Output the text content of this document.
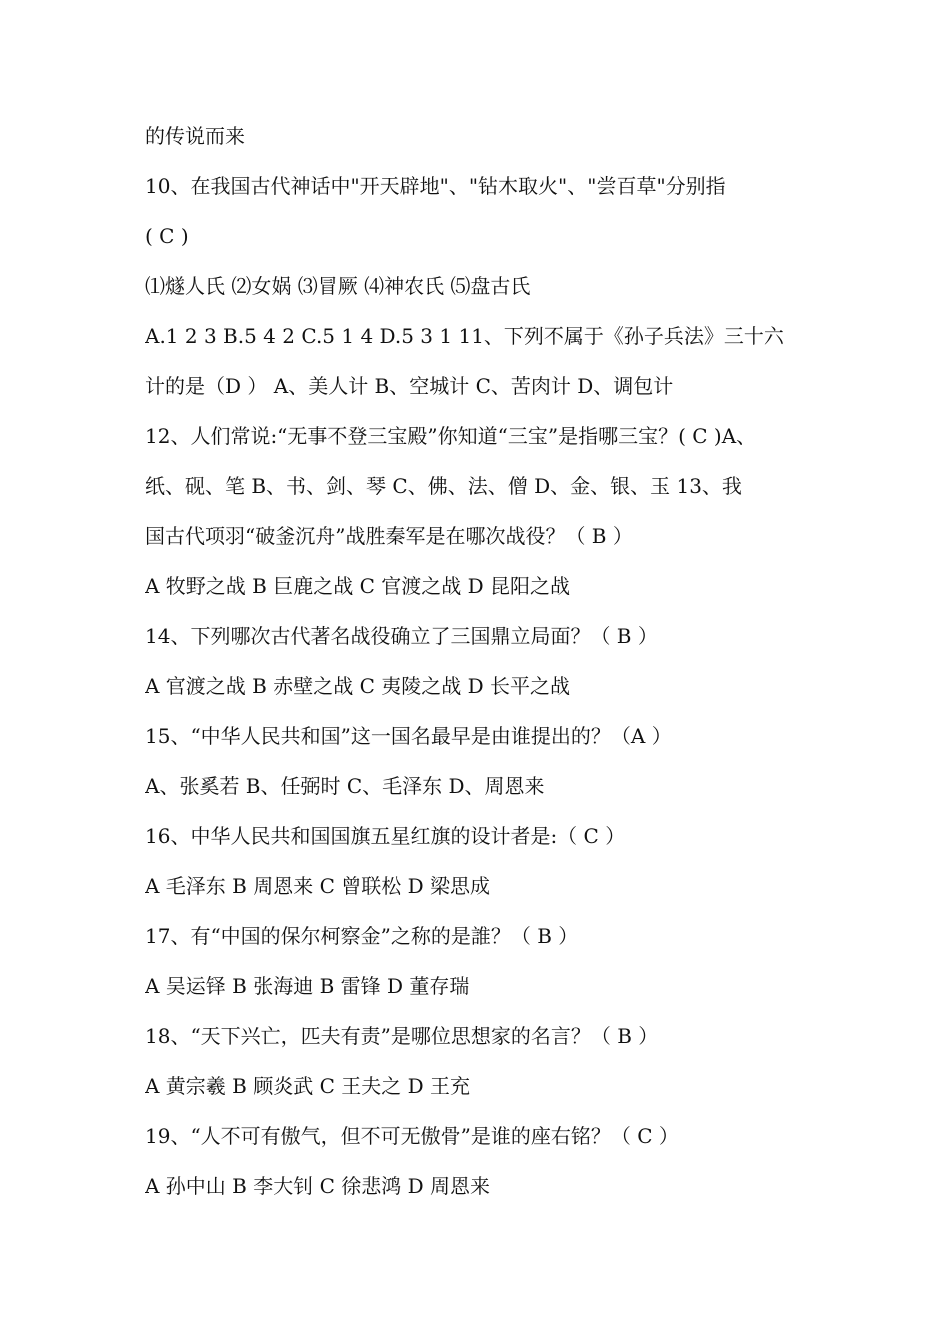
的传说而来
10、在我国古代神话中"开天辟地"、"钻木取火"、"尝百草"分别指
( C )
⑴燧人氏 ⑵女娲 ⑶冒厥 ⑷神农氏 ⑸盘古氏
A.1 2 3 B.5 4 2 C.5 1 4 D.5 3 1 11、下列不属于《孙子兵法》三十六
计的是（D ） A、美人计 B、空城计 C、苦肉计 D、调包计
12、人们常说:“无事不登三宝殿”你知道“三宝”是指哪三宝？( C )A、
纸、砚、笔 B、书、剑、琴 C、佛、法、僧 D、金、银、玉 13、我
国古代项羽“破釜沉舟”战胜秦军是在哪次战役？（ B ）
A 牧野之战 B 巨鹿之战 C 官渡之战 D 昆阳之战
14、下列哪次古代著名战役确立了三国鼎立局面？（ B ）
A 官渡之战 B 赤壁之战 C 夷陵之战 D 长平之战
15、“中华人民共和国”这一国名最早是由谁提出的？（A ）
A、张奚若 B、任弼时 C、毛泽东 D、周恩来
16、中华人民共和国国旗五星红旗的设计者是:（ C ）
A 毛泽东 B 周恩来 C 曾联松 D 梁思成
17、有“中国的保尔柯察金”之称的是誰？（ B ）
A 吴运铎 B 张海迪 B 雷锋 D 董存瑞
18、“天下兴亡，匹夫有责”是哪位思想家的名言？（ B ）
A 黄宗羲 B 顾炎武 C 王夫之 D 王充
19、“人不可有傲气，但不可无傲骨”是谁的座右铭？（ C ）
A 孙中山 B 李大钊 C 徐悲鸿 D 周恩来
